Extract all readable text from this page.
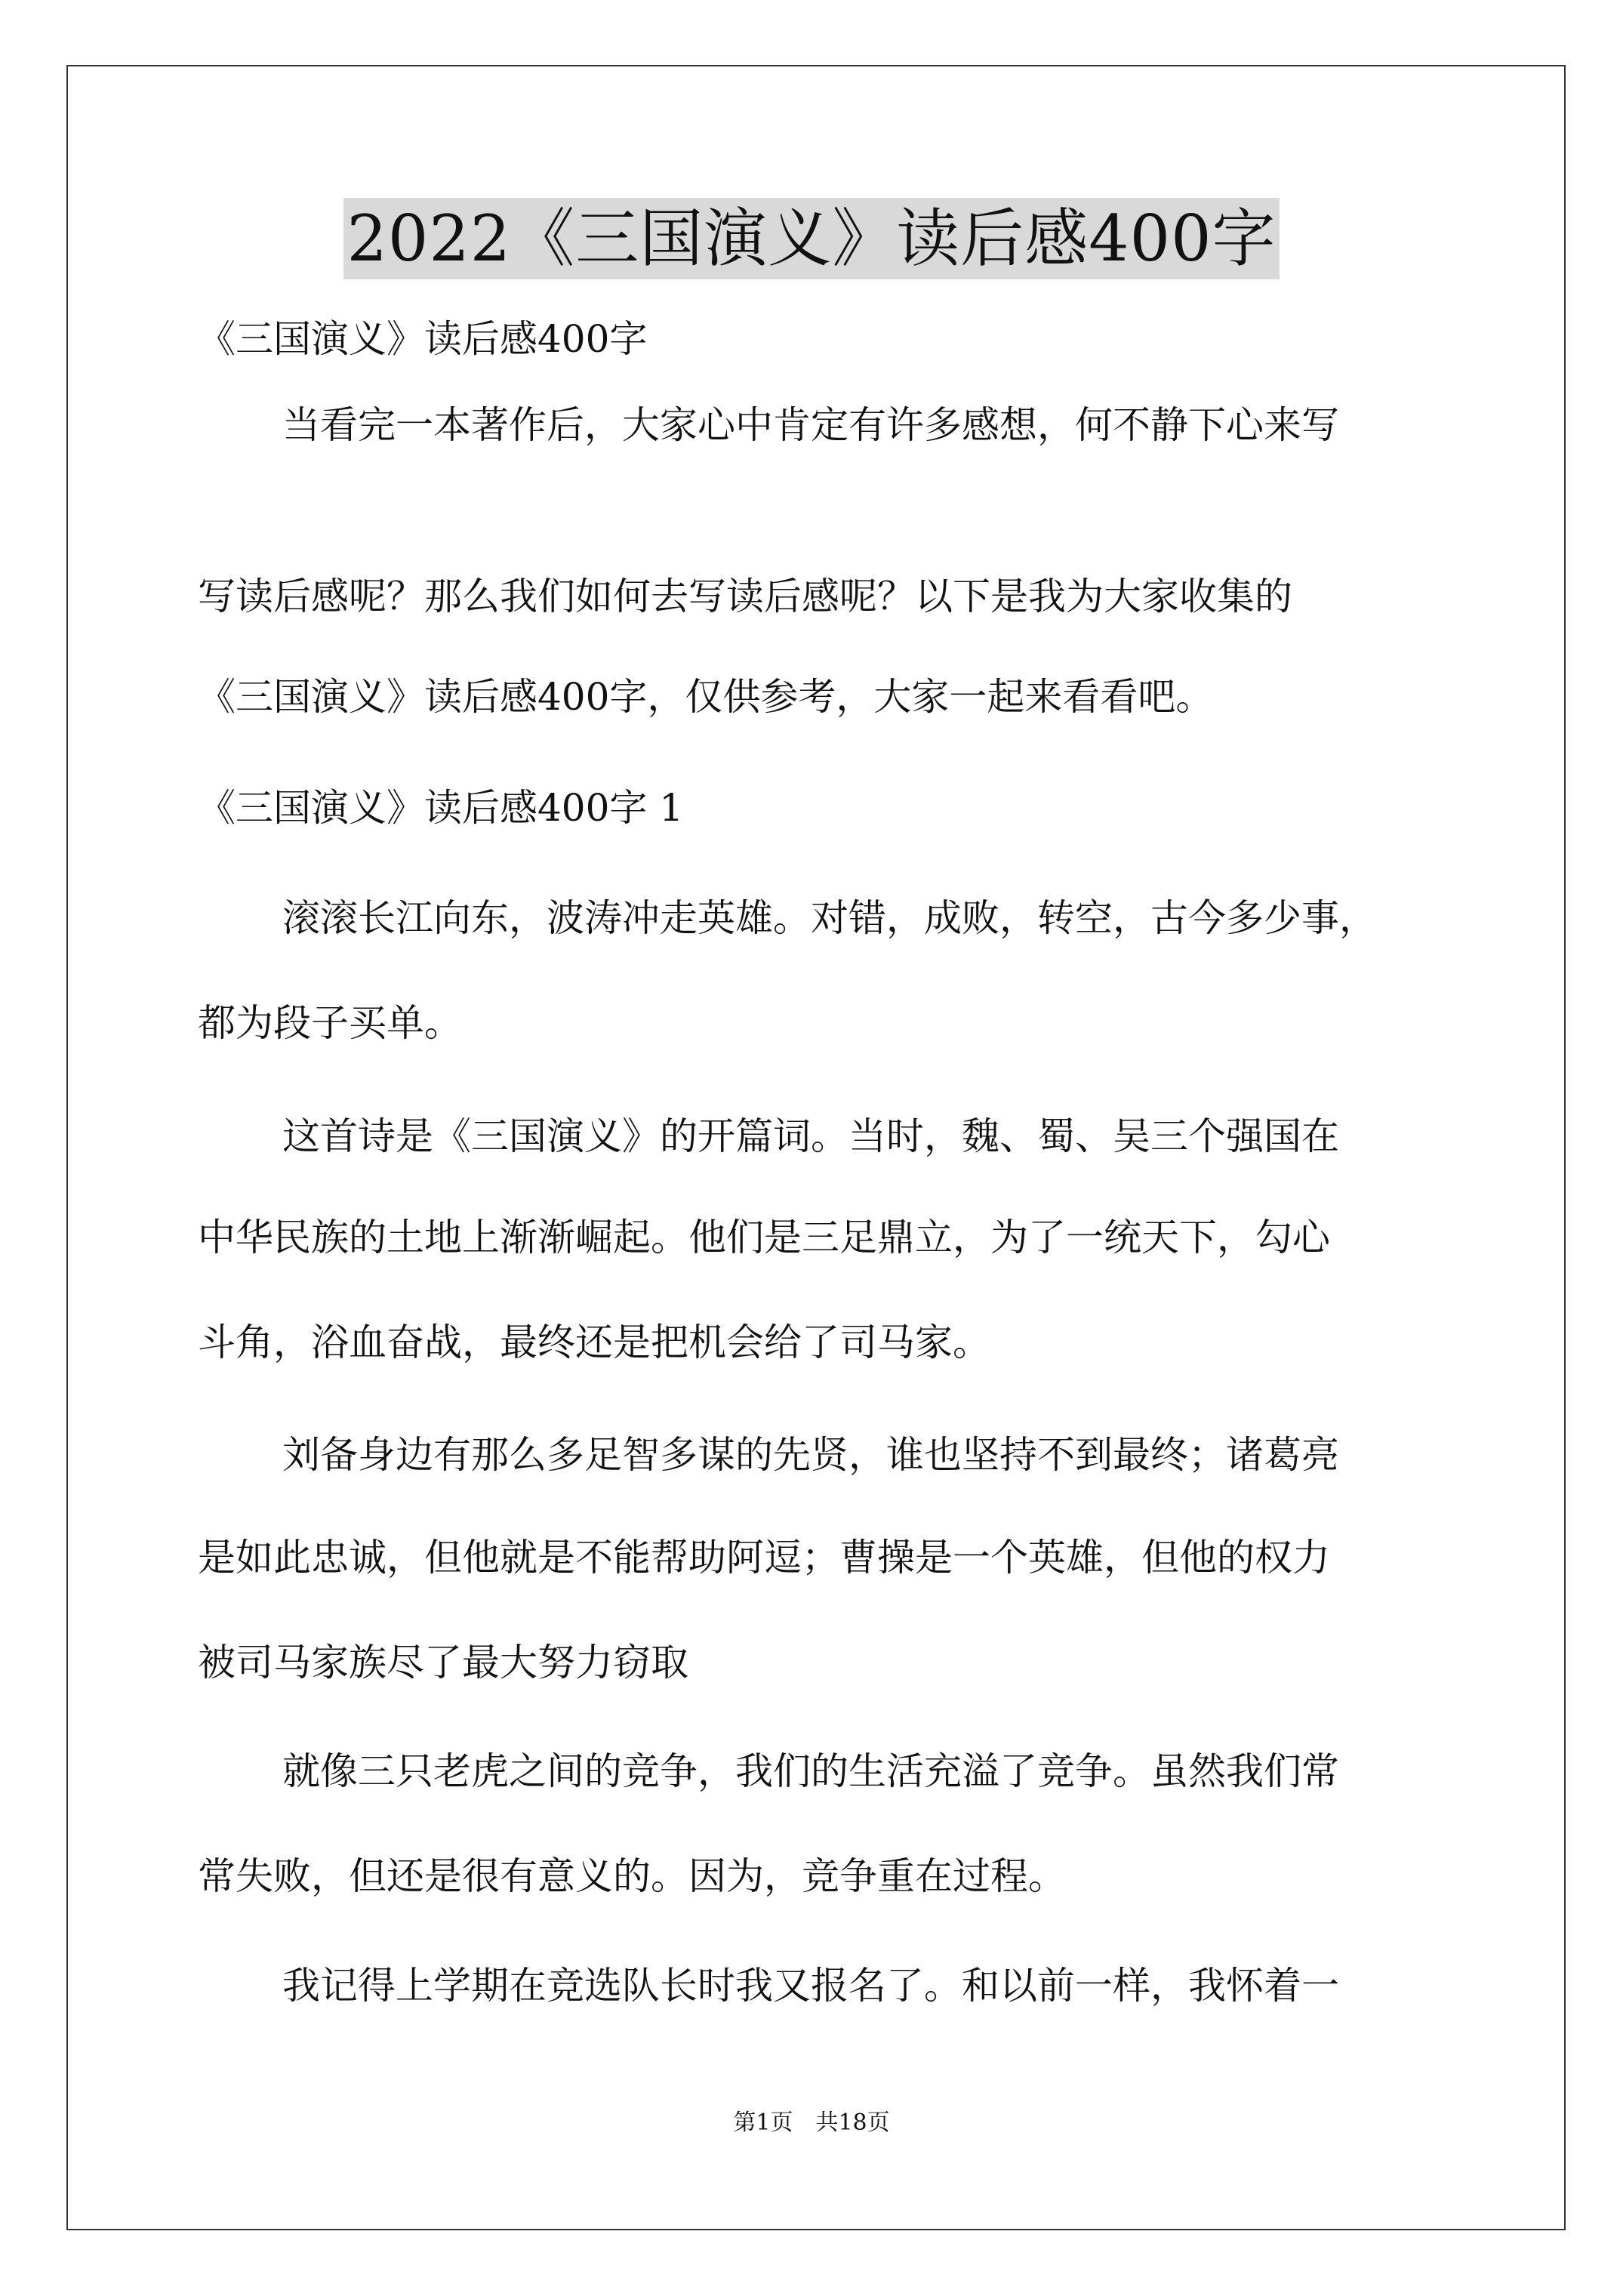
2022《三国演义》读后感400字
《三国演义》读后感400字
当看完一本著作后，大家心中肯定有许多感想，何不静下心来写
写读后感呢？那么我们如何去写读后感呢？以下是我为大家收集的
《三国演义》读后感400字，仅供参考，大家一起来看看吧。
《三国演义》读后感400字 1
滚滚长江向东，波涛冲走英雄。对错，成败，转空，古今多少事，
都为段子买单。
这首诗是《三国演义》的开篇词。当时，魏、蜀、吴三个强国在
中华民族的土地上渐渐崛起。他们是三足鼎立，为了一统天下，勾心
斗角，浴血奋战，最终还是把机会给了司马家。
刘备身边有那么多足智多谋的先贤，谁也坚持不到最终；诸葛亮
是如此忠诚，但他就是不能帮助阿逗；曹操是一个英雄，但他的权力
被司马家族尽了最大努力窃取
就像三只老虎之间的竞争，我们的生活充溢了竞争。虽然我们常
常失败，但还是很有意义的。因为，竞争重在过程。
我记得上学期在竞选队长时我又报名了。和以前一样，我怀着一
第1页　共18页
